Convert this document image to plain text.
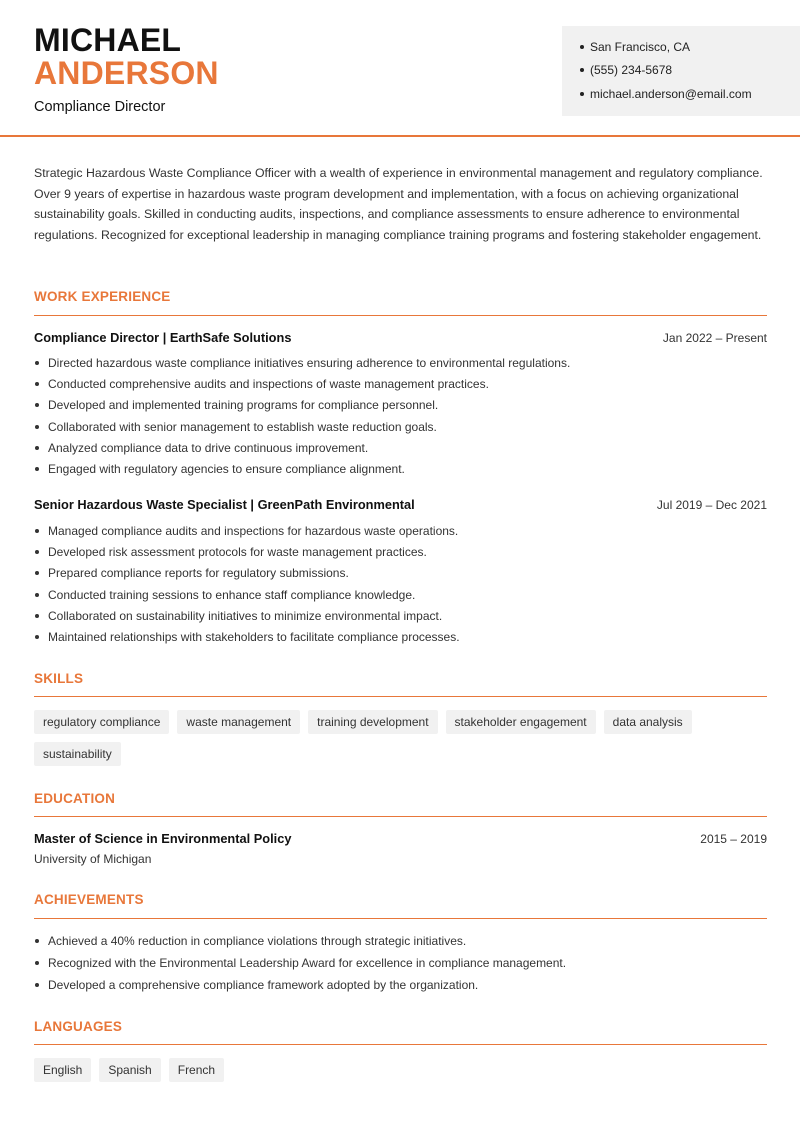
MICHAEL
ANDERSON
Compliance Director
San Francisco, CA
(555) 234-5678
michael.anderson@email.com
Strategic Hazardous Waste Compliance Officer with a wealth of experience in environmental management and regulatory compliance. Over 9 years of expertise in hazardous waste program development and implementation, with a focus on achieving organizational sustainability goals. Skilled in conducting audits, inspections, and compliance assessments to ensure adherence to environmental regulations. Recognized for exceptional leadership in managing compliance training programs and fostering stakeholder engagement.
WORK EXPERIENCE
Compliance Director | EarthSafe Solutions	Jan 2022 – Present
Directed hazardous waste compliance initiatives ensuring adherence to environmental regulations.
Conducted comprehensive audits and inspections of waste management practices.
Developed and implemented training programs for compliance personnel.
Collaborated with senior management to establish waste reduction goals.
Analyzed compliance data to drive continuous improvement.
Engaged with regulatory agencies to ensure compliance alignment.
Senior Hazardous Waste Specialist | GreenPath Environmental	Jul 2019 – Dec 2021
Managed compliance audits and inspections for hazardous waste operations.
Developed risk assessment protocols for waste management practices.
Prepared compliance reports for regulatory submissions.
Conducted training sessions to enhance staff compliance knowledge.
Collaborated on sustainability initiatives to minimize environmental impact.
Maintained relationships with stakeholders to facilitate compliance processes.
SKILLS
regulatory compliance	waste management	training development	stakeholder engagement	data analysis
sustainability
EDUCATION
Master of Science in Environmental Policy	2015 – 2019
University of Michigan
ACHIEVEMENTS
Achieved a 40% reduction in compliance violations through strategic initiatives.
Recognized with the Environmental Leadership Award for excellence in compliance management.
Developed a comprehensive compliance framework adopted by the organization.
LANGUAGES
English	Spanish	French
